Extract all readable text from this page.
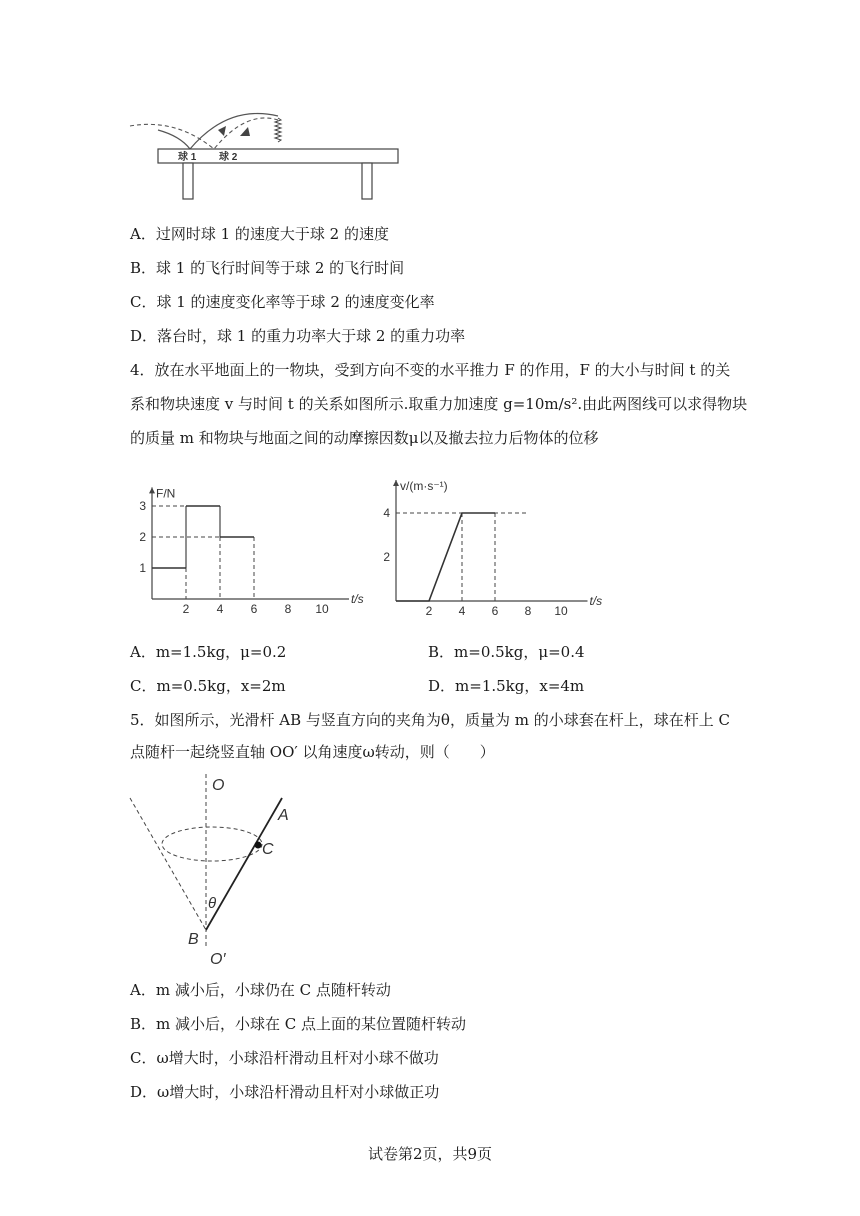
球 1 球 2
A．过网时球 1 的速度大于球 2 的速度
B．球 1 的飞行时间等于球 2 的飞行时间
C．球 1 的速度变化率等于球 2 的速度变化率
D．落台时，球 1 的重力功率大于球 2 的重力功率
4．放在水平地面上的一物块，受到方向不变的水平推力 F 的作用，F 的大小与时间 t 的关
系和物块速度 v 与时间 t 的关系如图所示.取重力加速度 g=10m/s².由此两图线可以求得物块
的质量 m 和物块与地面之间的动摩擦因数μ以及撤去拉力后物体的位移
t/s
F/N
2 4 6 8 10
1
2
3
t/s
v/(m·s⁻¹)
2 4 6 8 10
2
4
A．m=1.5kg，μ=0.2	B．m=0.5kg，μ=0.4
C．m=0.5kg，x=2m	D．m=1.5kg，x=4m
5．如图所示，光滑杆 AB 与竖直方向的夹角为θ，质量为 m 的小球套在杆上，球在杆上 C
点随杆一起绕竖直轴 OO′ 以角速度ω转动，则（　　）
O
A
C
θ
B
O′
A．m 减小后，小球仍在 C 点随杆转动
B．m 减小后，小球在 C 点上面的某位置随杆转动
C．ω增大时，小球沿杆滑动且杆对小球不做功
D．ω增大时，小球沿杆滑动且杆对小球做正功
试卷第2页，共9页
